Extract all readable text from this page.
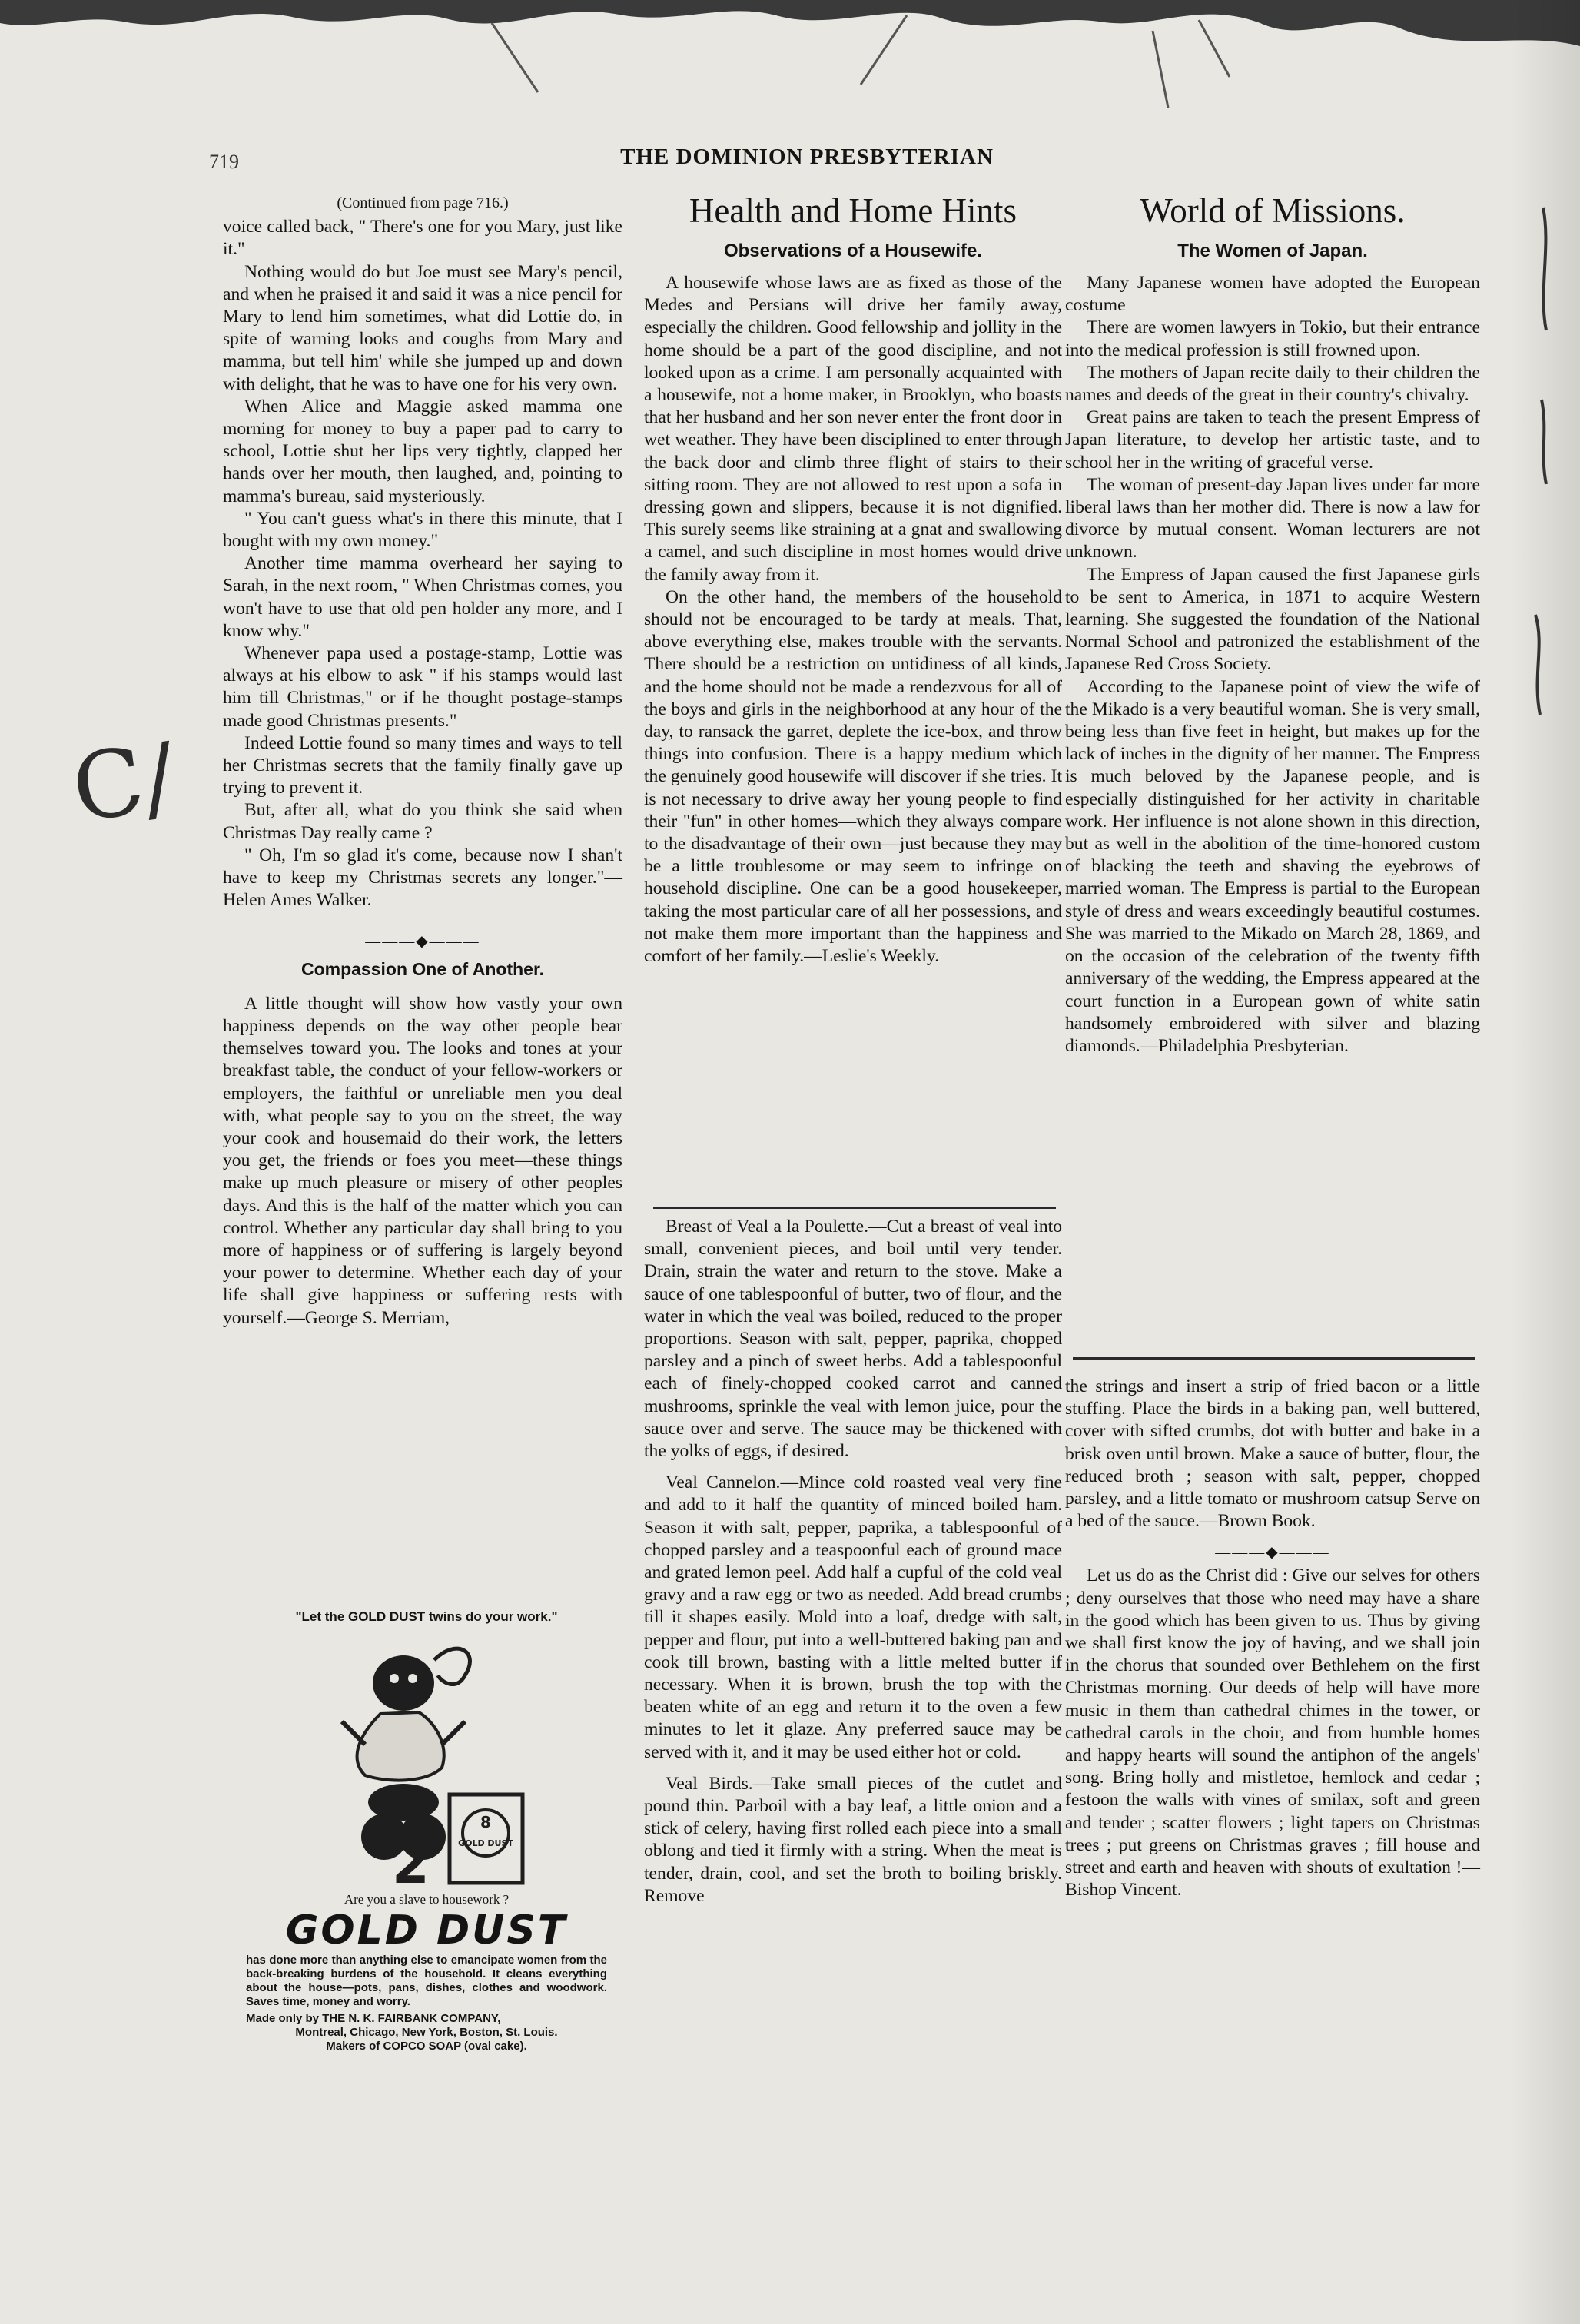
719	THE DOMINION PRESBYTERIAN
C/
(Continued from page 716.)

voice called back, " There's one for you Mary, just like it."

Nothing would do but Joe must see Mary's pencil, and when he praised it and said it was a nice pencil for Mary to lend him sometimes, what did Lottie do, in spite of warning looks and coughs from Mary and mamma, but tell him' while she jumped up and down with delight, that he was to have one for his very own.

When Alice and Maggie asked mamma one morning for money to buy a paper pad to carry to school, Lottie shut her lips very tightly, clapped her hands over her mouth, then laughed, and, pointing to mamma's bureau, said mysteriously.

" You can't guess what's in there this minute, that I bought with my own money."

Another time mamma overheard her saying to Sarah, in the next room, " When Christmas comes, you won't have to use that old pen holder any more, and I know why."

Whenever papa used a postage-stamp, Lottie was always at his elbow to ask " if his stamps would last him till Christmas," or if he thought postage-stamps made good Christmas presents."

Indeed Lottie found so many times and ways to tell her Christmas secrets that the family finally gave up trying to prevent it.

But, after all, what do you think she said when Christmas Day really came ?

" Oh, I'm so glad it's come, because now I shan't have to keep my Christmas secrets any longer."—Helen Ames Walker.

———◆———
Compassion One of Another.

A little thought will show how vastly your own happiness depends on the way other people bear themselves toward you. The looks and tones at your breakfast table, the conduct of your fellow-workers or employers, the faithful or unreliable men you deal with, what people say to you on the street, the way your cook and housemaid do their work, the letters you get, the friends or foes you meet—these things make up much pleasure or misery of other peoples days. And this is the half of the matter which you can control. Whether any particular day shall bring to you more of happiness or of suffering is largely beyond your power to determine. Whether each day of your life shall give happiness or suffering rests with yourself.—George S. Merriam,

"Let the GOLD DUST twins do your work."
2
8
GOLD DUST
Are you a slave to housework ?
GOLD DUST
has done more than anything else to emancipate women from the back-breaking burdens of the household. It cleans everything about the house—pots, pans, dishes, clothes and woodwork. Saves time, money and worry.
Made only by THE N. K. FAIRBANK COMPANY,
Montreal, Chicago, New York, Boston, St. Louis.
Makers of COPCO SOAP (oval cake).
Health and Home Hints
Observations of a Housewife.

A housewife whose laws are as fixed as those of the Medes and Persians will drive her family away, especially the children. Good fellowship and jollity in the home should be a part of the good discipline, and not looked upon as a crime. I am personally acquainted with a housewife, not a home maker, in Brooklyn, who boasts that her husband and her son never enter the front door in wet weather. They have been disciplined to enter through the back door and climb three flight of stairs to their sitting room. They are not allowed to rest upon a sofa in dressing gown and slippers, because it is not dignified. This surely seems like straining at a gnat and swallowing a camel, and such discipline in most homes would drive the family away from it.

On the other hand, the members of the household should not be encouraged to be tardy at meals. That, above everything else, makes trouble with the servants. There should be a restriction on untidiness of all kinds, and the home should not be made a rendezvous for all of the boys and girls in the neighborhood at any hour of the day, to ransack the garret, deplete the ice-box, and throw things into confusion. There is a happy medium which the genuinely good housewife will discover if she tries. It is not necessary to drive away her young people to find their "fun" in other homes—which they always compare to the disadvantage of their own—just because they may be a little troublesome or may seem to infringe on household discipline. One can be a good housekeeper, taking the most particular care of all her possessions, and not make them more important than the happiness and comfort of her family.—Leslie's Weekly.

Breast of Veal a la Poulette.—Cut a breast of veal into small, convenient pieces, and boil until very tender. Drain, strain the water and return to the stove. Make a sauce of one tablespoonful of butter, two of flour, and the water in which the veal was boiled, reduced to the proper proportions. Season with salt, pepper, paprika, chopped parsley and a pinch of sweet herbs. Add a tablespoonful each of finely-chopped cooked carrot and canned mushrooms, sprinkle the veal with lemon juice, pour the sauce over and serve. The sauce may be thickened with the yolks of eggs, if desired.

Veal Cannelon.—Mince cold roasted veal very fine and add to it half the quantity of minced boiled ham. Season it with salt, pepper, paprika, a tablespoonful of chopped parsley and a teaspoonful each of ground mace and grated lemon peel. Add half a cupful of the cold veal gravy and a raw egg or two as needed. Add bread crumbs till it shapes easily. Mold into a loaf, dredge with salt, pepper and flour, put into a well-buttered baking pan and cook till brown, basting with a little melted butter if necessary. When it is brown, brush the top with the beaten white of an egg and return it to the oven a few minutes to let it glaze. Any preferred sauce may be served with it, and it may be used either hot or cold.

Veal Birds.—Take small pieces of the cutlet and pound thin. Parboil with a bay leaf, a little onion and a stick of celery, having first rolled each piece into a small oblong and tied it firmly with a string. When the meat is tender, drain, cool, and set the broth to boiling briskly. Remove

World of Missions.
The Women of Japan.

Many Japanese women have adopted the European costume

There are women lawyers in Tokio, but their entrance into the medical profession is still frowned upon.

The mothers of Japan recite daily to their children the names and deeds of the great in their country's chivalry.

Great pains are taken to teach the present Empress of Japan literature, to develop her artistic taste, and to school her in the writing of graceful verse.

The woman of present-day Japan lives under far more liberal laws than her mother did. There is now a law for divorce by mutual consent. Woman lecturers are not unknown.

The Empress of Japan caused the first Japanese girls to be sent to America, in 1871 to acquire Western learning. She suggested the foundation of the National Normal School and patronized the establishment of the Japanese Red Cross Society.

According to the Japanese point of view the wife of the Mikado is a very beautiful woman. She is very small, being less than five feet in height, but makes up for the lack of inches in the dignity of her manner. The Empress is much beloved by the Japanese people, and is especially distinguished for her activity in charitable work. Her influence is not alone shown in this direction, but as well in the abolition of the time-honored custom of blacking the teeth and shaving the eyebrows of married woman. The Empress is partial to the European style of dress and wears exceedingly beautiful costumes. She was married to the Mikado on March 28, 1869, and on the occasion of the celebration of the twenty fifth anniversary of the wedding, the Empress appeared at the court function in a European gown of white satin handsomely embroidered with silver and blazing diamonds.—Philadelphia Presbyterian.

the strings and insert a strip of fried bacon or a little stuffing. Place the birds in a baking pan, well buttered, cover with sifted crumbs, dot with butter and bake in a brisk oven until brown. Make a sauce of butter, flour, the reduced broth ; season with salt, pepper, chopped parsley, and a little tomato or mushroom catsup Serve on a bed of the sauce.—Brown Book.

———◆———

Let us do as the Christ did : Give our selves for others ; deny ourselves that those who need may have a share in the good which has been given to us. Thus by giving we shall first know the joy of having, and we shall join in the chorus that sounded over Bethlehem on the first Christmas morning. Our deeds of help will have more music in them than cathedral chimes in the tower, or cathedral carols in the choir, and from humble homes and happy hearts will sound the antiphon of the angels' song. Bring holly and mistletoe, hemlock and cedar ; festoon the walls with vines of smilax, soft and green and tender ; scatter flowers ; light tapers on Christmas trees ; put greens on Christmas graves ; fill house and street and earth and heaven with shouts of exultation !—Bishop Vincent.
